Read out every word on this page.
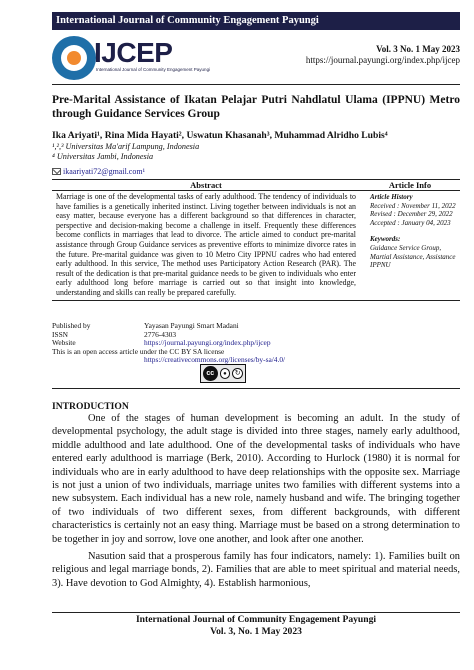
International Journal of Community Engagement Payungi
IJCEP
International Journal of Community Engagement Payungi
Vol. 3 No. 1 May 2023
https://journal.payungi.org/index.php/ijcep
Pre-Marital Assistance of Ikatan Pelajar Putri Nahdlatul Ulama (IPPNU) Metro through Guidance Services Group
Ika Ariyati¹, Rina Mida Hayati², Uswatun Khasanah³, Muhammad Alridho Lubis⁴
¹,²,³ Universitas Ma'arif Lampung, Indonesia
⁴ Universitas Jambi, Indonesia
ikaariyati72@gmail.com¹
Abstract	Article Info
Marriage is one of the developmental tasks of early adulthood. The tendency of individuals to have families is a genetically inherited instinct. Living together between individuals is not an easy matter, because everyone has a different background so that differences in character, perspective and decision-making become a challenge in itself. Frequently these differences become conflicts in marriages that lead to divorce. The article aimed to conduct pre-marital assistance through Group Guidance services as preventive efforts to minimize divorce rates in the future. Pre-marital guidance was given to 10 Metro City IPPNU cadres who had entered early adulthood. In this service, The method uses Participatory Action Research (PAR). The result of the dedication is that pre-marital guidance needs to be given to individuals who enter early adulthood long before marriage is carried out so that insight into knowledge, understanding and skills can really be prepared carefully.
Article History
Received : November 11, 2022
Revised : December 29, 2022
Accepted : January 04, 2023
Keywords:
Guidance Service Group, Martial Assistance, Assistance IPPNU
Published by	Yayasan Payungi Smart Madani
ISSN	2776-4303
Website	https://journal.payungi.org/index.php/ijcep
This is an open access article under the CC BY SA license
https://creativecommons.org/licenses/by-sa/4.0/
cc	●	↻
INTRODUCTION

One of the stages of human development is becoming an adult. In the study of developmental psychology, the adult stage is divided into three stages, namely early adulthood, middle adulthood and late adulthood. One of the developmental tasks of individuals who have entered early adulthood is marriage (Berk, 2010). According to Hurlock (1980) it is normal for individuals who are in early adulthood to have deep relationships with the opposite sex. Marriage is not just a union of two individuals, marriage unites two families with different systems into a new subsystem. Each individual has a new role, namely husband and wife. The bringing together of two individuals of two different sexes, from different backgrounds, with different characteristics is certainly not an easy thing. Marriage must be based on a strong determination to be together in joy and sorrow, love one another, and look after one another.

Nasution said that a prosperous family has four indicators, namely: 1). Families built on religious and legal marriage bonds, 2). Families that are able to meet spiritual and material needs, 3). Have devotion to God Almighty, 4). Establish harmonious,

International Journal of Community Engagement Payungi
Vol. 3, No. 1 May 2023
